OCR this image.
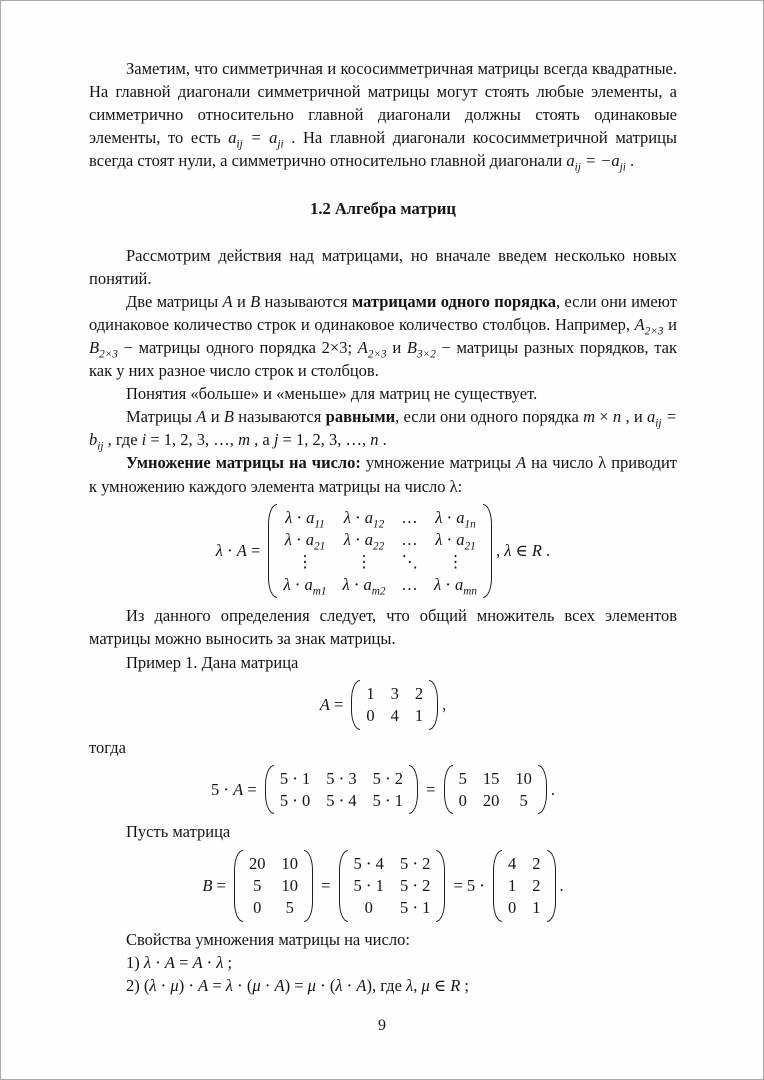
Заметим, что симметричная и кососимметричная матрицы всегда квадратные. На главной диагонали симметричной матрицы могут стоять любые элементы, а симметрично относительно главной диагонали должны стоять одинаковые элементы, то есть $a_{ij} = a_{ji}$ . На главной диагонали кососимметричной матрицы всегда стоят нули, а симметрично относительно главной диагонали $a_{ij} = -a_{ji}$ .

1.2 Алгебра матриц

Рассмотрим действия над матрицами, но вначале введем несколько новых понятий.

Две матрицы A и B называются матрицами одного порядка, если они имеют одинаковое количество строк и одинаковое количество столбцов. Например, $A_{2\times 3}$ и $B_{2\times 3}$ − матрицы одного порядка 2×3; $A_{2\times 3}$ и $B_{3\times 2}$ − матрицы разных порядков, так как у них разное число строк и столбцов.

Понятия «больше» и «меньше» для матриц не существует.

Матрицы A и B называются равными, если они одного порядка m × n , и $a_{ij} = b_{ij}$ , где i = 1, 2, 3, …, m , а j = 1, 2, 3, …, n .

Умножение матрицы на число: умножение матрицы A на число λ приводит к умножению каждого элемента матрицы на число λ:

λ ⋅ A =
$\lambda \cdot a_{11}$ $\lambda \cdot a_{12}$ … $\lambda \cdot a_{1n}$
$\lambda \cdot a_{21}$ $\lambda \cdot a_{22}$ … $\lambda \cdot a_{21}$
⋮	⋮ ⋱ ⋮
$\lambda \cdot a_{m1}$ $\lambda \cdot a_{m2}$ … $\lambda \cdot a_{mn}$
, λ ∈ R .

Из данного определения следует, что общий множитель всех элементов матрицы можно выносить за знак матрицы.

Пример 1. Дана матрица

A =
1 3 2
0 4 1
,

тогда

5 ⋅ A =
5 ⋅ 1 5 ⋅ 3 5 ⋅ 2
5 ⋅ 0 5 ⋅ 4 5 ⋅ 1
=
5 15 10
0 20 5
.

Пусть матрица

B =
20 10
5 10
0 5
=
5 ⋅ 4 5 ⋅ 2
5 ⋅ 1 5 ⋅ 2
0 5 ⋅ 1
= 5 ⋅
4 2
1 2
0 1
.

Свойства умножения матрицы на число:

1) λ ⋅ A = A ⋅ λ ;

2) (λ ⋅ μ) ⋅ A = λ ⋅ (μ ⋅ A) = μ ⋅ (λ ⋅ A), где λ, μ ∈ R ;

9
